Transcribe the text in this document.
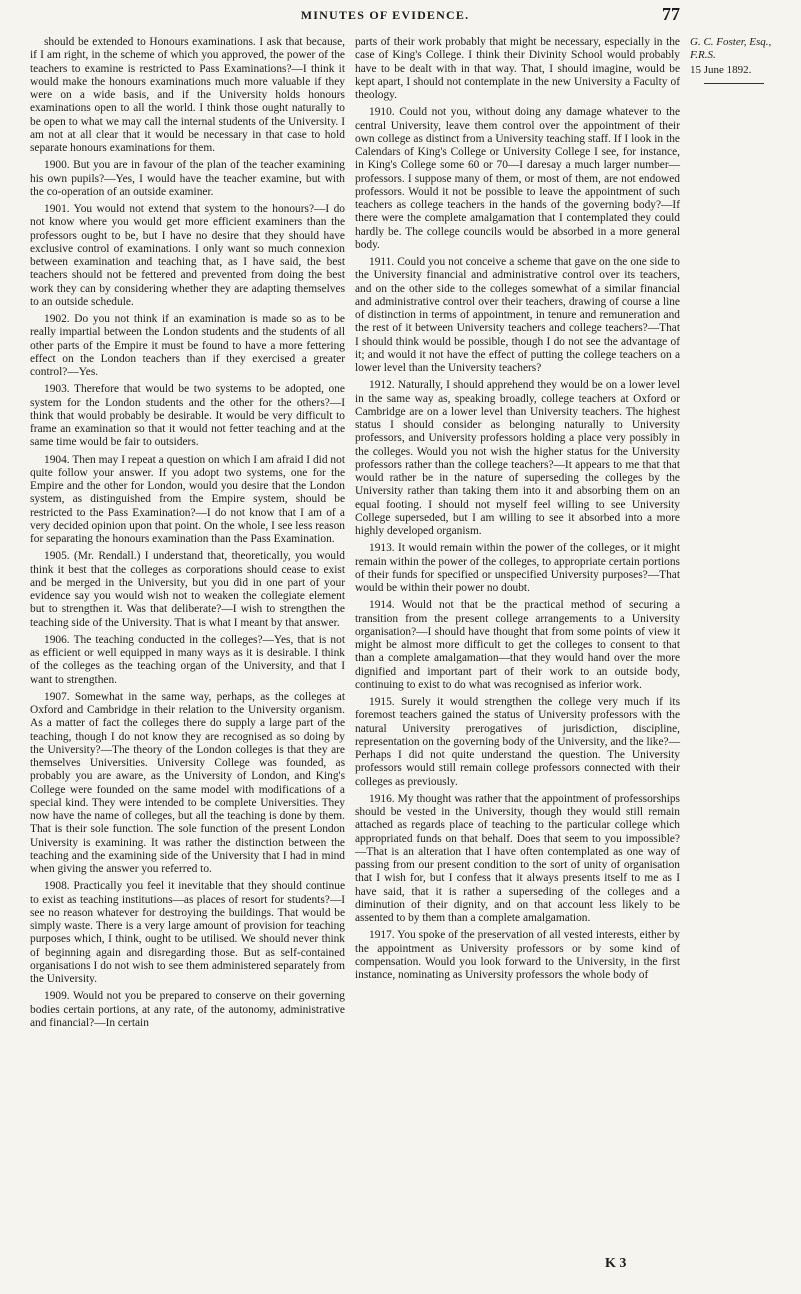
MINUTES OF EVIDENCE.	77

should be extended to Honours examinations. I ask that because, if I am right, in the scheme of which you approved, the power of the teachers to examine is restricted to Pass Examinations?—I think it would make the honours examinations much more valuable if they were on a wide basis, and if the University holds honours examinations open to all the world. I think those ought naturally to be open to what we may call the internal students of the University. I am not at all clear that it would be necessary in that case to hold separate honours examinations for them.

1900. But you are in favour of the plan of the teacher examining his own pupils?—Yes, I would have the teacher examine, but with the co-operation of an outside examiner.

1901. You would not extend that system to the honours?—I do not know where you would get more efficient examiners than the professors ought to be, but I have no desire that they should have exclusive control of examinations. I only want so much connexion between examination and teaching that, as I have said, the best teachers should not be fettered and prevented from doing the best work they can by considering whether they are adapting themselves to an outside schedule.

1902. Do you not think if an examination is made so as to be really impartial between the London students and the students of all other parts of the Empire it must be found to have a more fettering effect on the London teachers than if they exercised a greater control?—Yes.

1903. Therefore that would be two systems to be adopted, one system for the London students and the other for the others?—I think that would probably be desirable. It would be very difficult to frame an examination so that it would not fetter teaching and at the same time would be fair to outsiders.

1904. Then may I repeat a question on which I am afraid I did not quite follow your answer. If you adopt two systems, one for the Empire and the other for London, would you desire that the London system, as distinguished from the Empire system, should be restricted to the Pass Examination?—I do not know that I am of a very decided opinion upon that point. On the whole, I see less reason for separating the honours examination than the Pass Examination.

1905. (Mr. Rendall.) I understand that, theoretically, you would think it best that the colleges as corporations should cease to exist and be merged in the University, but you did in one part of your evidence say you would wish not to weaken the collegiate element but to strengthen it. Was that deliberate?—I wish to strengthen the teaching side of the University. That is what I meant by that answer.

1906. The teaching conducted in the colleges?—Yes, that is not as efficient or well equipped in many ways as it is desirable. I think of the colleges as the teaching organ of the University, and that I want to strengthen.

1907. Somewhat in the same way, perhaps, as the colleges at Oxford and Cambridge in their relation to the University organism. As a matter of fact the colleges there do supply a large part of the teaching, though I do not know they are recognised as so doing by the University?—The theory of the London colleges is that they are themselves Universities. University College was founded, as probably you are aware, as the University of London, and King's College were founded on the same model with modifications of a special kind. They were intended to be complete Universities. They now have the name of colleges, but all the teaching is done by them. That is their sole function. The sole function of the present London University is examining. It was rather the distinction between the teaching and the examining side of the University that I had in mind when giving the answer you referred to.

1908. Practically you feel it inevitable that they should continue to exist as teaching institutions—as places of resort for students?—I see no reason whatever for destroying the buildings. That would be simply waste. There is a very large amount of provision for teaching purposes which, I think, ought to be utilised. We should never think of beginning again and disregarding those. But as self-contained organisations I do not wish to see them administered separately from the University.

1909. Would not you be prepared to conserve on their governing bodies certain portions, at any rate, of the autonomy, administrative and financial?—In certain

parts of their work probably that might be necessary, especially in the case of King's College. I think their Divinity School would probably have to be dealt with in that way. That, I should imagine, would be kept apart, I should not contemplate in the new University a Faculty of theology.

1910. Could not you, without doing any damage whatever to the central University, leave them control over the appointment of their own college as distinct from a University teaching staff. If I look in the Calendars of King's College or University College I see, for instance, in King's College some 60 or 70—I daresay a much larger number—professors. I suppose many of them, or most of them, are not endowed professors. Would it not be possible to leave the appointment of such teachers as college teachers in the hands of the governing body?—If there were the complete amalgamation that I contemplated they could hardly be. The college councils would be absorbed in a more general body.

1911. Could you not conceive a scheme that gave on the one side to the University financial and administrative control over its teachers, and on the other side to the colleges somewhat of a similar financial and administrative control over their teachers, drawing of course a line of distinction in terms of appointment, in tenure and remuneration and the rest of it between University teachers and college teachers?—That I should think would be possible, though I do not see the advantage of it; and would it not have the effect of putting the college teachers on a lower level than the University teachers?

1912. Naturally, I should apprehend they would be on a lower level in the same way as, speaking broadly, college teachers at Oxford or Cambridge are on a lower level than University teachers. The highest status I should consider as belonging naturally to University professors, and University professors holding a place very possibly in the colleges. Would you not wish the higher status for the University professors rather than the college teachers?—It appears to me that that would rather be in the nature of superseding the colleges by the University rather than taking them into it and absorbing them on an equal footing. I should not myself feel willing to see University College superseded, but I am willing to see it absorbed into a more highly developed organism.

1913. It would remain within the power of the colleges, or it might remain within the power of the colleges, to appropriate certain portions of their funds for specified or unspecified University purposes?—That would be within their power no doubt.

1914. Would not that be the practical method of securing a transition from the present college arrangements to a University organisation?—I should have thought that from some points of view it might be almost more difficult to get the colleges to consent to that than a complete amalgamation—that they would hand over the more dignified and important part of their work to an outside body, continuing to exist to do what was recognised as inferior work.

1915. Surely it would strengthen the college very much if its foremost teachers gained the status of University professors with the natural University prerogatives of jurisdiction, discipline, representation on the governing body of the University, and the like?—Perhaps I did not quite understand the question. The University professors would still remain college professors connected with their colleges as previously.

1916. My thought was rather that the appointment of professorships should be vested in the University, though they would still remain attached as regards place of teaching to the particular college which appropriated funds on that behalf. Does that seem to you impossible?—That is an alteration that I have often contemplated as one way of passing from our present condition to the sort of unity of organisation that I wish for, but I confess that it always presents itself to me as I have said, that it is rather a superseding of the colleges and a diminution of their dignity, and on that account less likely to be assented to by them than a complete amalgamation.

1917. You spoke of the preservation of all vested interests, either by the appointment as University professors or by some kind of compensation. Would you look forward to the University, in the first instance, nominating as University professors the whole body of

G. C. Foster, Esq., F.R.S.
15 June 1892.
K 3
